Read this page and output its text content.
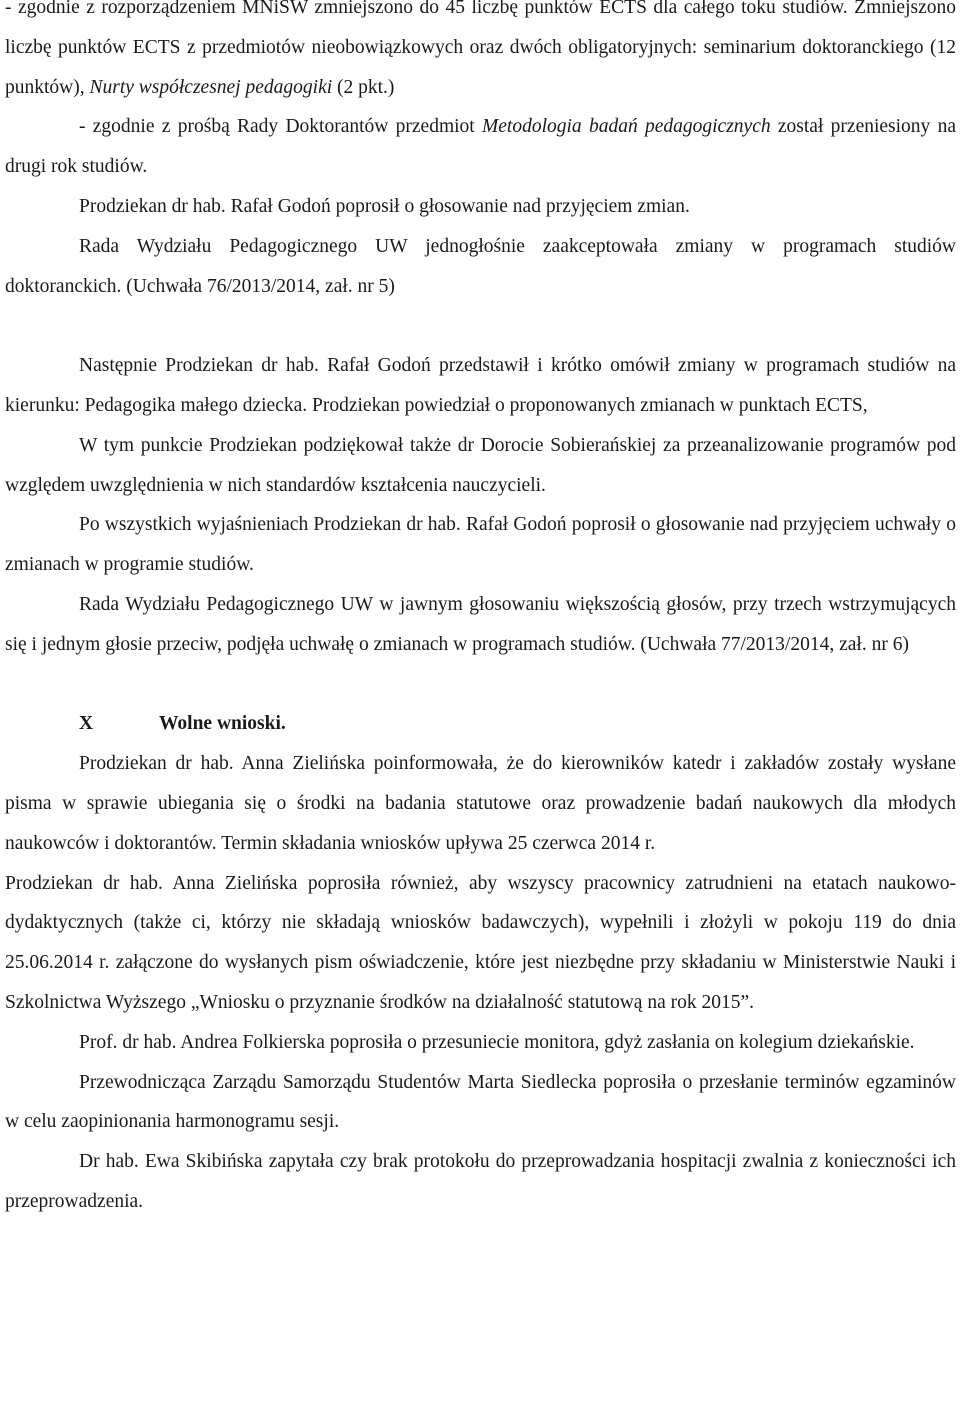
- zgodnie z rozporządzeniem MNiSW zmniejszono do 45 liczbę punktów ECTS dla całego toku studiów. Zmniejszono liczbę punktów ECTS z przedmiotów nieobowiązkowych oraz dwóch obligatoryjnych: seminarium doktoranckiego (12 punktów), Nurty współczesnej pedagogiki (2 pkt.)

- zgodnie z prośbą Rady Doktorantów przedmiot Metodologia badań pedagogicznych został przeniesiony na drugi rok studiów.

Prodziekan dr hab. Rafał Godoń poprosił o głosowanie nad przyjęciem zmian.

Rada Wydziału Pedagogicznego UW jednogłośnie zaakceptowała zmiany w programach studiów doktoranckich. (Uchwała 76/2013/2014, zał. nr 5)

Następnie Prodziekan dr hab. Rafał Godoń przedstawił i krótko omówił zmiany w programach studiów na kierunku: Pedagogika małego dziecka. Prodziekan powiedział o proponowanych zmianach w punktach ECTS,

W tym punkcie Prodziekan podziękował także dr Dorocie Sobierańskiej za przeanalizowanie programów pod względem uwzględnienia w nich standardów kształcenia nauczycieli.

Po wszystkich wyjaśnieniach Prodziekan dr hab. Rafał Godoń poprosił o głosowanie nad przyjęciem uchwały o zmianach w programie studiów.

Rada Wydziału Pedagogicznego UW w jawnym głosowaniu większością głosów, przy trzech wstrzymujących się i jednym głosie przeciw, podjęła uchwałę o zmianach w programach studiów. (Uchwała 77/2013/2014, zał. nr 6)

X	Wolne wnioski.

Prodziekan dr hab. Anna Zielińska poinformowała, że do kierowników katedr i zakładów zostały wysłane pisma w sprawie ubiegania się o środki na badania statutowe oraz prowadzenie badań naukowych dla młodych naukowców i doktorantów. Termin składania wniosków upływa 25 czerwca 2014 r.

Prodziekan dr hab. Anna Zielińska poprosiła również, aby wszyscy pracownicy zatrudnieni na etatach naukowo-dydaktycznych (także ci, którzy nie składają wniosków badawczych), wypełnili i złożyli w pokoju 119 do dnia 25.06.2014 r. załączone do wysłanych pism oświadczenie, które jest niezbędne przy składaniu w Ministerstwie Nauki i Szkolnictwa Wyższego „Wniosku o przyznanie środków na działalność statutową na rok 2015”.

Prof. dr hab. Andrea Folkierska poprosiła o przesuniecie monitora, gdyż zasłania on kolegium dziekańskie.

Przewodnicząca Zarządu Samorządu Studentów Marta Siedlecka poprosiła o przesłanie terminów egzaminów w celu zaopinionania harmonogramu sesji.

Dr hab. Ewa Skibińska zapytała czy brak protokołu do przeprowadzania hospitacji zwalnia z konieczności ich przeprowadzenia.
